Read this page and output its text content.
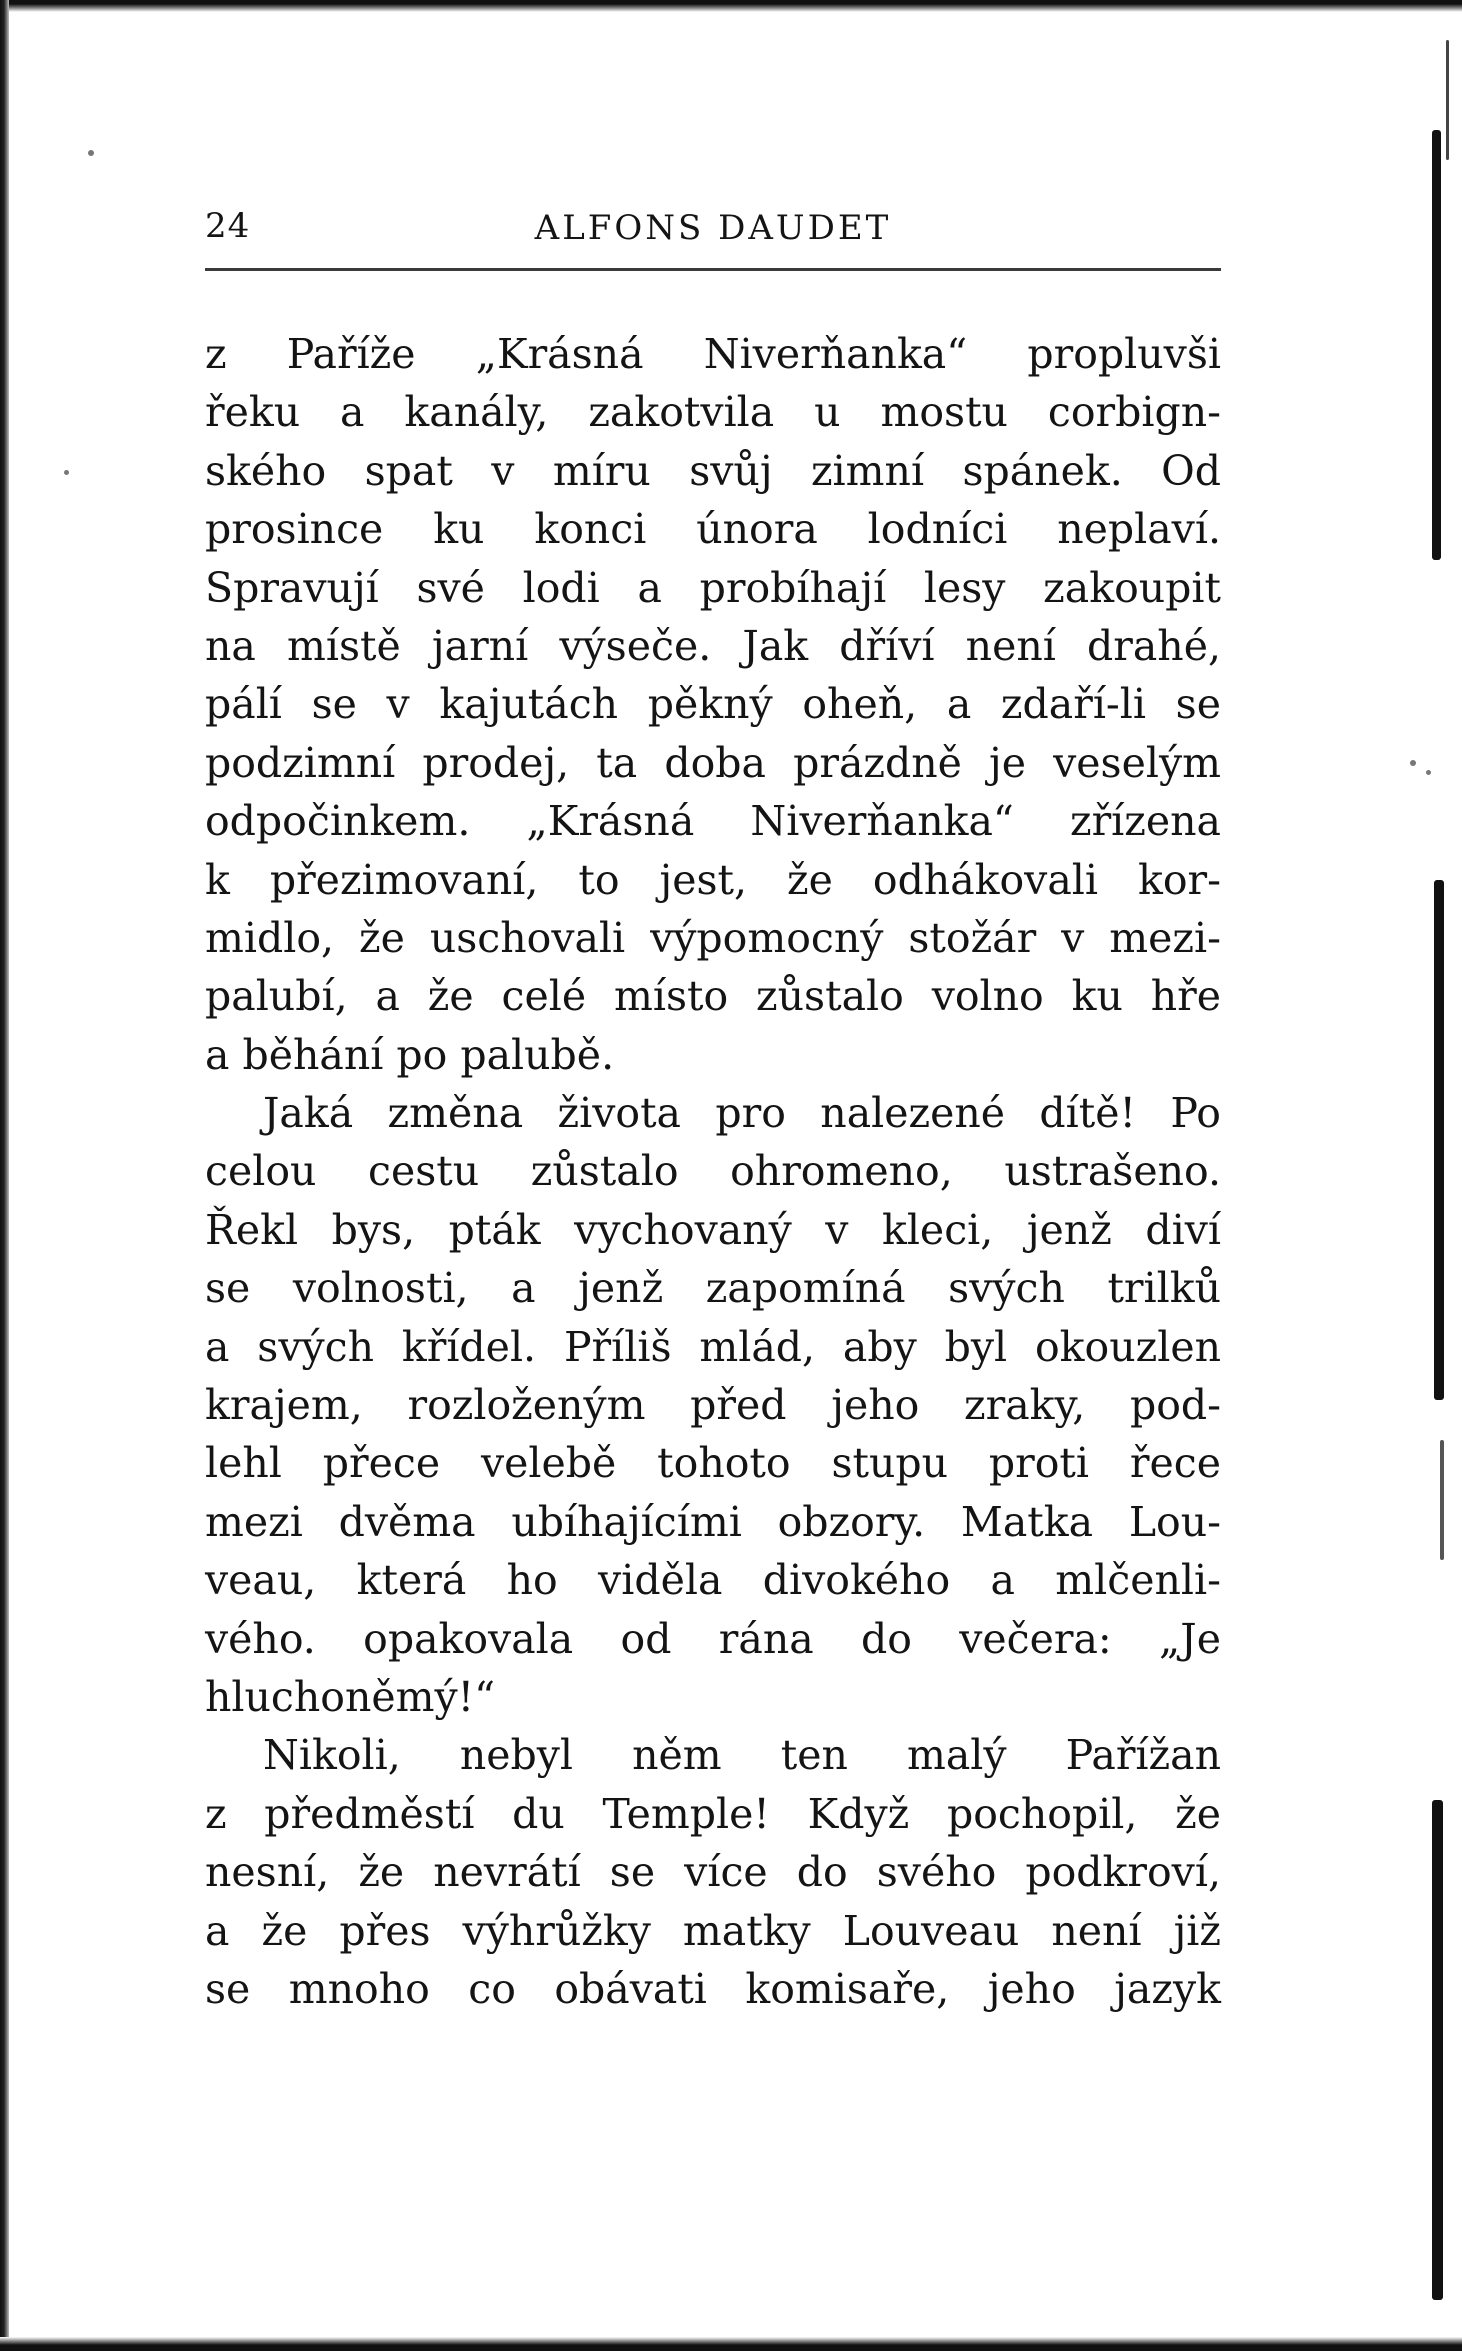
24	ALFONS DAUDET
z Paříže „Krásná Niverňanka“ propluvši
řeku a kanály, zakotvila u mostu corbign-
ského spat v míru svůj zimní spánek. Od
prosince ku konci února lodníci neplaví.
Spravují své lodi a probíhají lesy zakoupit
na místě jarní výseče. Jak dříví není drahé,
pálí se v kajutách pěkný oheň, a zdaří-li se
podzimní prodej, ta doba prázdně je veselým
odpočinkem. „Krásná Niverňanka“ zřízena
k přezimovaní, to jest, že odhákovali kor-
midlo, že uschovali výpomocný stožár v mezi-
palubí, a že celé místo zůstalo volno ku hře
a běhání po palubě.
Jaká změna života pro nalezené dítě! Po
celou cestu zůstalo ohromeno, ustrašeno.
Řekl bys, pták vychovaný v kleci, jenž diví
se volnosti, a jenž zapomíná svých trilků
a svých křídel. Příliš mlád, aby byl okouzlen
krajem, rozloženým před jeho zraky, pod-
lehl přece velebě tohoto stupu proti řece
mezi dvěma ubíhajícími obzory. Matka Lou-
veau, která ho viděla divokého a mlčenli-
vého. opakovala od rána do večera: „Je
hluchoněmý!“
Nikoli, nebyl něm ten malý Pařížan
z předměstí du Temple! Když pochopil, že
nesní, že nevrátí se více do svého podkroví,
a že přes výhrůžky matky Louveau není již
se mnoho co obávati komisaře, jeho jazyk
